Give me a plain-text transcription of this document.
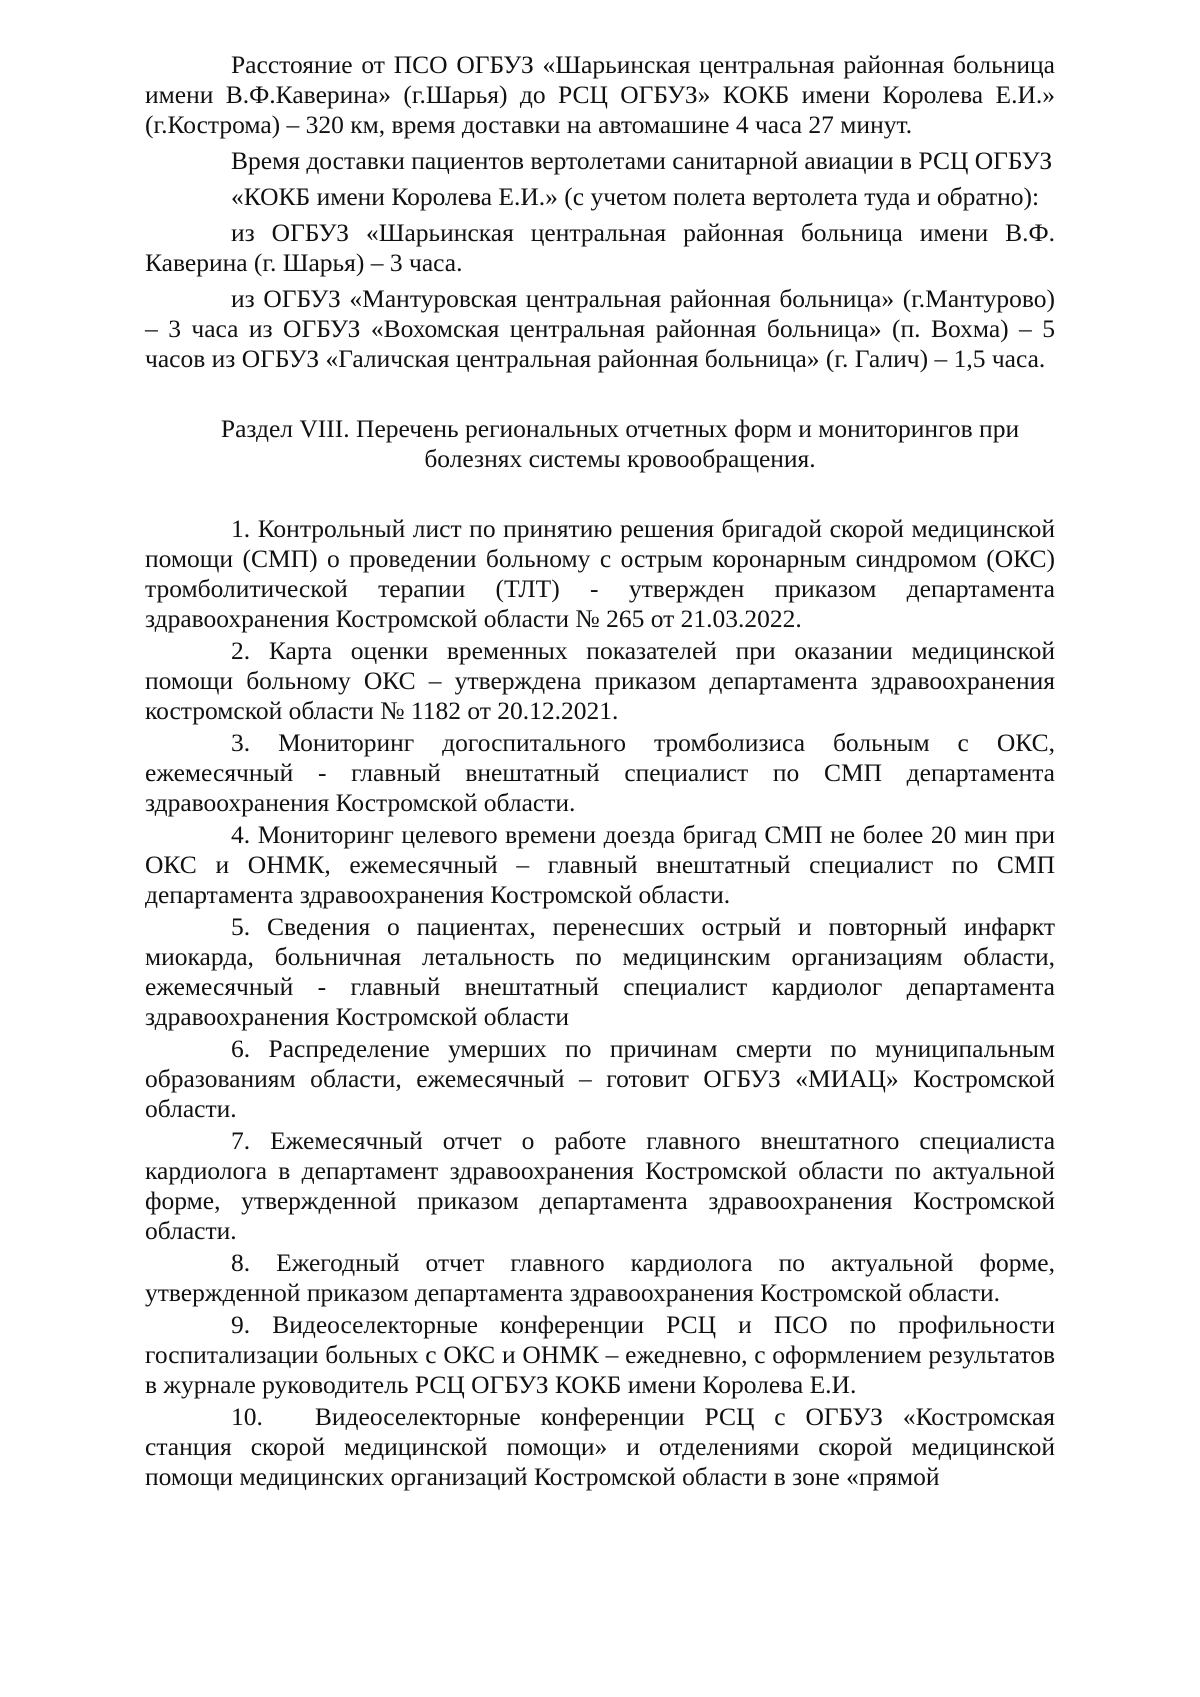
Расстояние от ПСО ОГБУЗ «Шарьинская центральная районная больница имени В.Ф.Каверина» (г.Шарья) до РСЦ ОГБУЗ» КОКБ имени Королева Е.И.» (г.Кострома) – 320 км, время доставки на автомашине 4 часа 27 минут.

Время доставки пациентов вертолетами санитарной авиации в РСЦ ОГБУЗ

«КОКБ имени Королева Е.И.» (с учетом полета вертолета туда и обратно):

из ОГБУЗ «Шарьинская центральная районная больница имени В.Ф. Каверина (г. Шарья) – 3 часа.

из ОГБУЗ «Мантуровская центральная районная больница» (г.Мантурово) – 3 часа из ОГБУЗ «Вохомская центральная районная больница» (п. Вохма) – 5 часов из ОГБУЗ «Галичская центральная районная больница» (г. Галич) – 1,5 часа.

Раздел VIII. Перечень региональных отчетных форм и мониторингов при болезнях системы кровообращения.

1. Контрольный лист по принятию решения бригадой скорой медицинской помощи (СМП) о проведении больному с острым коронарным синдромом (ОКС) тромболитической терапии (ТЛТ) - утвержден приказом департамента здравоохранения Костромской области № 265 от 21.03.2022.

2. Карта оценки временных показателей при оказании медицинской помощи больному ОКС – утверждена приказом департамента здравоохранения костромской области № 1182 от 20.12.2021.

3. Мониторинг догоспитального тромболизиса больным с ОКС, ежемесячный - главный внештатный специалист по СМП департамента здравоохранения Костромской области.

4. Мониторинг целевого времени доезда бригад СМП не более 20 мин при ОКС и ОНМК, ежемесячный – главный внештатный специалист по СМП департамента здравоохранения Костромской области.

5. Сведения о пациентах, перенесших острый и повторный инфаркт миокарда, больничная летальность по медицинским организациям области, ежемесячный - главный внештатный специалист кардиолог департамента здравоохранения Костромской области

6. Распределение умерших по причинам смерти по муниципальным образованиям области, ежемесячный – готовит ОГБУЗ «МИАЦ» Костромской области.

7. Ежемесячный отчет о работе главного внештатного специалиста кардиолога в департамент здравоохранения Костромской области по актуальной форме, утвержденной приказом департамента здравоохранения Костромской области.

8. Ежегодный отчет главного кардиолога по актуальной форме, утвержденной приказом департамента здравоохранения Костромской области.

9. Видеоселекторные конференции РСЦ и ПСО по профильности госпитализации больных с ОКС и ОНМК – ежедневно, с оформлением результатов в журнале руководитель РСЦ ОГБУЗ КОКБ имени Королева Е.И.

10. Видеоселекторные конференции РСЦ с ОГБУЗ «Костромская станция скорой медицинской помощи» и отделениями скорой медицинской помощи медицинских организаций Костромской области в зоне «прямой
